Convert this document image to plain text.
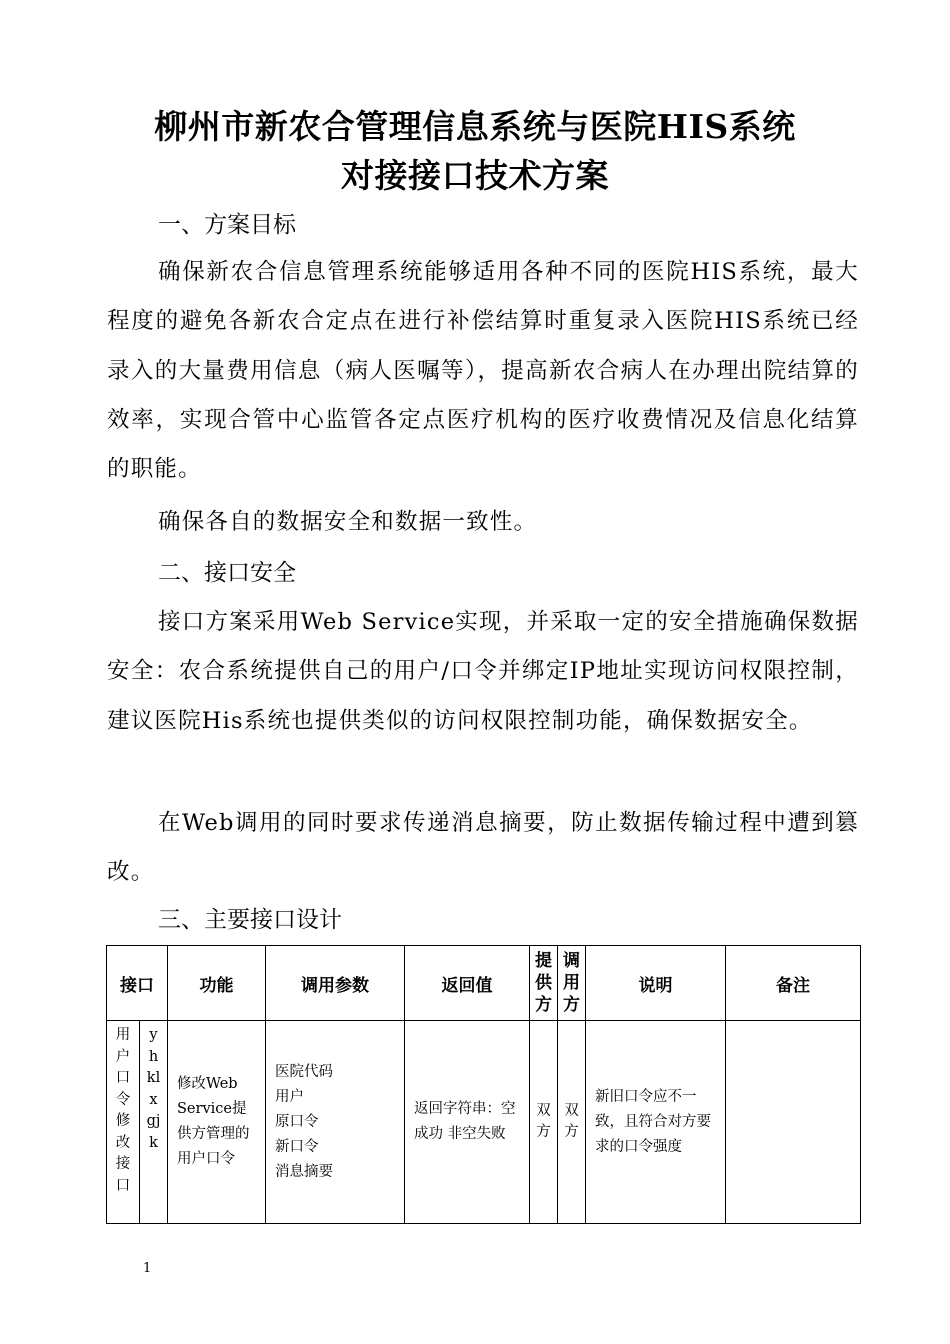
柳州市新农合管理信息系统与医院HIS系统
对接接口技术方案
一、方案目标
确保新农合信息管理系统能够适用各种不同的医院HIS系统，最大程度的避免各新农合定点在进行补偿结算时重复录入医院HIS系统已经录入的大量费用信息（病人医嘱等），提高新农合病人在办理出院结算的效率，实现合管中心监管各定点医疗机构的医疗收费情况及信息化结算的职能。
确保各自的数据安全和数据一致性。
二、接口安全
接口方案采用Web Service实现，并采取一定的安全措施确保数据安全：农合系统提供自己的用户/口令并绑定IP地址实现访问权限控制，建议医院His系统也提供类似的访问权限控制功能，确保数据安全。
在Web调用的同时要求传递消息摘要，防止数据传输过程中遭到篡改。
三、主要接口设计
接口		功能	调用参数	返回值	提供方	调用方	说明	备注

用户口令修改接口	yhklxgjk	修改Web Service提供方管理的用户口令	医院代码
用户
原口令
新口令
消息摘要	返回字符串：空成功 非空失败	双方	双方	新旧口令应不一致，且符合对方要求的口令强度	
1
